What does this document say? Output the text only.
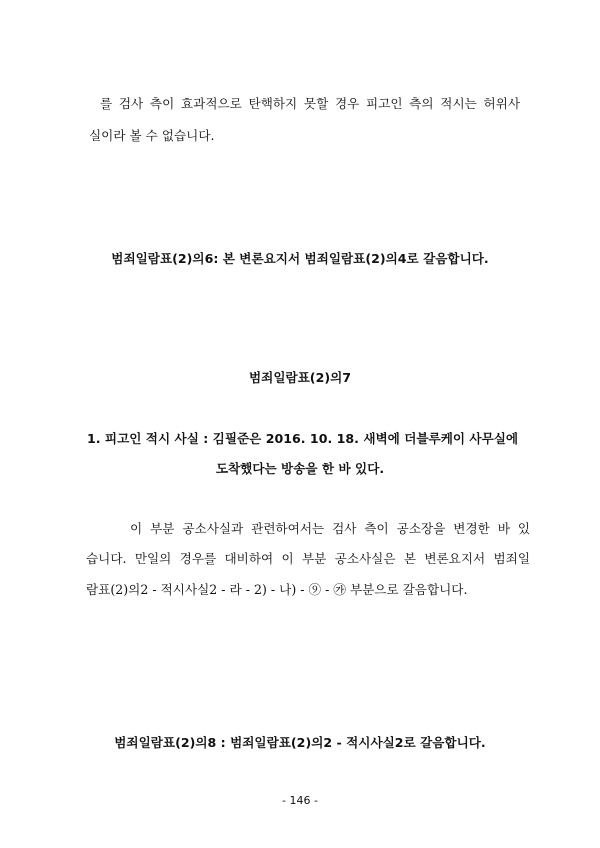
를 검사 측이 효과적으로 탄핵하지 못할 경우 피고인 측의 적시는 허위사
실이라 볼 수 없습니다.
범죄일람표(2)의6: 본 변론요지서 범죄일람표(2)의4로 갈음합니다.
범죄일람표(2)의7
1. 피고인 적시 사실 : 김필준은 2016. 10. 18. 새벽에 더블루케이 사무실에
도착했다는 방송을 한 바 있다.
이 부분 공소사실과 관련하여서는 검사 측이 공소장을 변경한 바 있
습니다. 만일의 경우를 대비하여 이 부분 공소사실은 본 변론요지서 범죄일
람표(2)의2 - 적시사실2 - 라 - 2) - 나) - ⑨ - ㉮ 부분으로 갈음합니다.
범죄일람표(2)의8 : 범죄일람표(2)의2 - 적시사실2로 갈음합니다.
- 146 -
